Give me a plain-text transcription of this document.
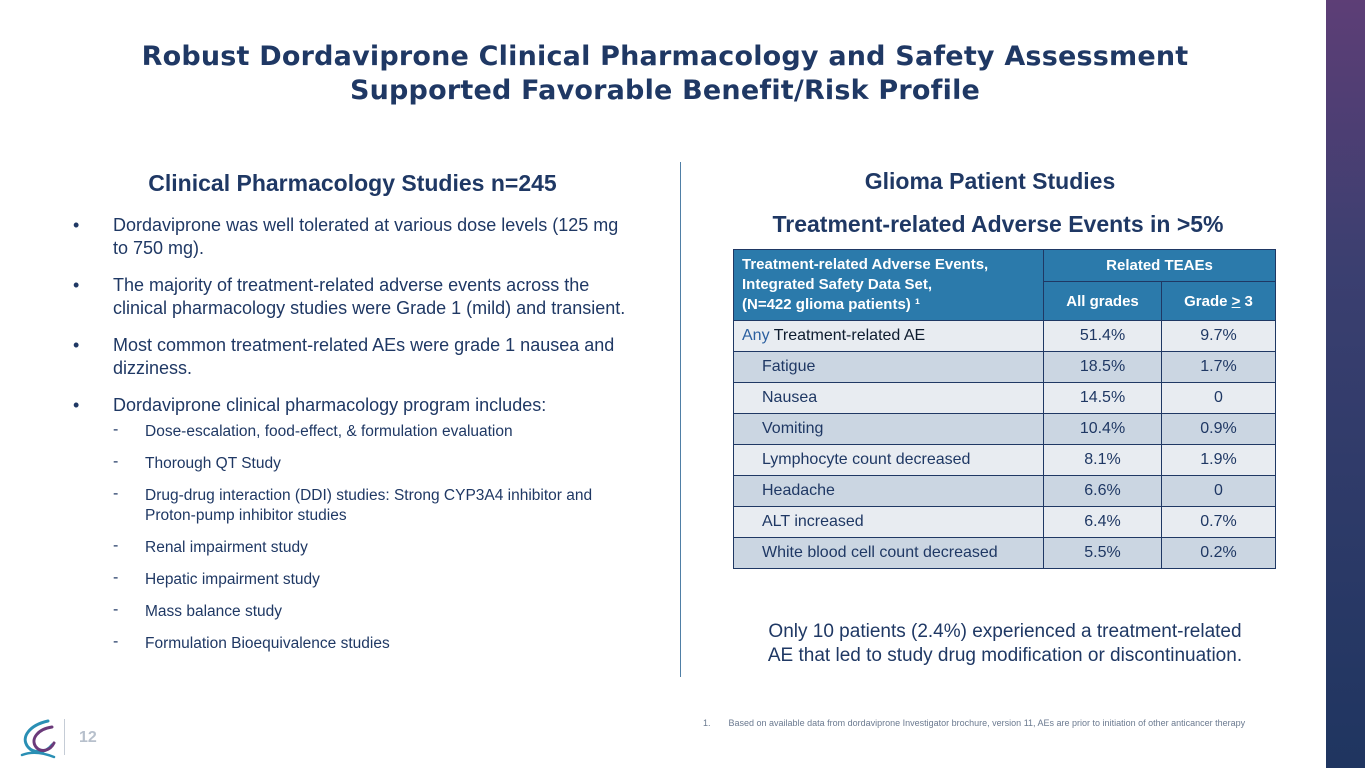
Robust Dordaviprone Clinical Pharmacology and Safety Assessment
Supported Favorable Benefit/Risk Profile
Clinical Pharmacology Studies n=245
• Dordaviprone was well tolerated at various dose levels (125 mg to 750 mg).
• The majority of treatment-related adverse events across the clinical pharmacology studies were Grade 1 (mild) and transient.
• Most common treatment-related AEs were grade 1 nausea and dizziness.
• Dordaviprone clinical pharmacology program includes:
- Dose-escalation, food-effect, & formulation evaluation
- Thorough QT Study
- Drug-drug interaction (DDI) studies: Strong CYP3A4 inhibitor and Proton-pump inhibitor studies
- Renal impairment study
- Hepatic impairment study
- Mass balance study
- Formulation Bioequivalence studies
Glioma Patient Studies
Treatment-related Adverse Events in >5%
Treatment-related Adverse Events,
Integrated Safety Data Set,
(N=422 glioma patients) ¹	Related TEAEs	
	All grades	Grade > 3
Any Treatment-related AE	51.4%	9.7%
Fatigue	18.5%	1.7%
Nausea	14.5%	0
Vomiting	10.4%	0.9%
Lymphocyte count decreased	8.1%	1.9%
Headache	6.6%	0
ALT increased	6.4%	0.7%
White blood cell count decreased	5.5%	0.2%
Only 10 patients (2.4%) experienced a treatment-related
AE that led to study drug modification or discontinuation.
1. Based on available data from dordaviprone Investigator brochure, version 11, AEs are prior to initiation of other anticancer therapy
12
